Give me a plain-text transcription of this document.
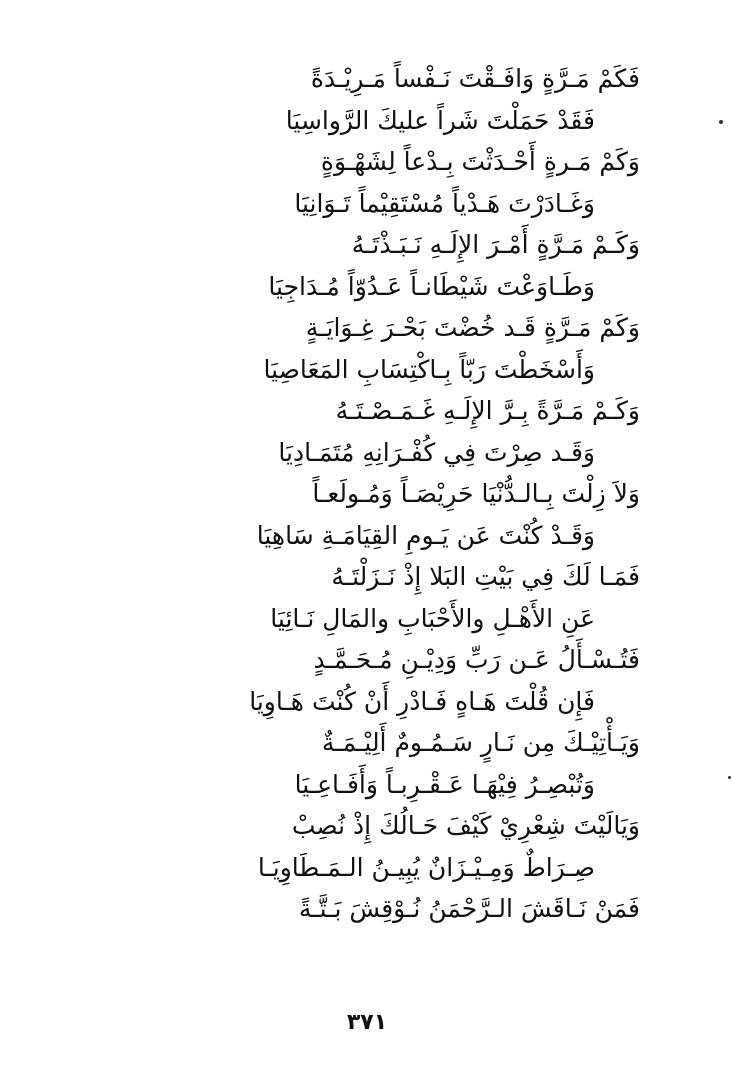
فَكَمْ مَـرَّةٍ وَافَـقْتَ نَـفْساً مَـرِيْـدَةً
فَقَدْ حَمَلْتَ شَراً عليكَ الرَّواسِيَا
وَكَمْ مَـرةٍ أَحْـدَثْتَ بِـدْعاً لِشَهْـوَةٍ
وَغَـادَرْتَ هَـدْياً مُسْتَقِيْماً تَـوَانِيَا
وَكَـمْ مَـرَّةٍ أَمْـرَ الإِلَـهِ نَـبَـذْتَـهُ
وَطَـاوَعْتَ شَيْطَانـاً عَـدُوّاً مُـدَاجِيَا
وَكَمْ مَـرَّةٍ قَـد خُضْتَ بَحْـرَ غِـوَايَـةٍ
وَأَسْخَطْتَ رَبّاً بِـاكْتِسَابِ المَعَاصِيَا
وَكَـمْ مَـرَّةً بِـرَّ الإِلَـهِ غَـمَـصْـتَـهُ
وَقَـد صِرْتَ فِي كُفْـرَانِهِ مُتَمَـادِيَا
وَلاَ زِلْتَ بِـالـدُّنْيَا حَرِيْصَـاً وَمُـولَعـاً
وَقَـدْ كُنْتَ عَن يَـومِ القِيَامَـةِ سَاهِيَا
فَمَـا لَكَ فِي بَيْتِ البَلا إِذْ نَـزَلْتَـهُ
عَنِ الأَهْـلِ والأَحْبَابِ والمَالِ نَـائِيَا
فَتُـسْـأَلُ عَـن رَبِّ وَدِيْـنِ مُـحَـمَّـدٍ
فَإِن قُلْتَ هَـاهٍ فَـادْرِ أَنْ كُنْتَ هَـاوِيَا
وَيَـأْتِيْـكَ مِن نَـارٍ سَـمُـومٌ أَلِيْـمَـةٌ
وَتُبْصِـرُ فِيْهَـا عَـقْـرِبـاً وَأَفَـاعِـيَا
وَيَالَيْتَ شِعْرِيْ كَيْفَ حَـالُكَ إِذْ نُصِبْ
صِـرَاطٌ وَمِـيْـزَانٌ يُبِيـنُ الـمَـطَاوِيَـا
فَمَنْ نَـاقَشَ الـرَّحْمَنُ نُـوْقِشَ بَـتَّـةً
٣٧١
